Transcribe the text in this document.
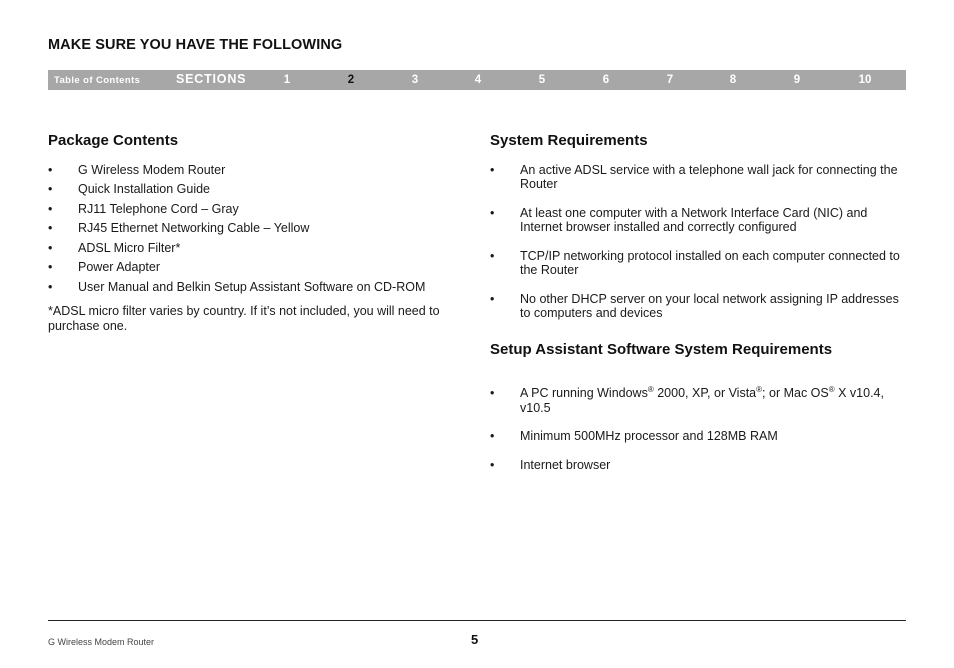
MAKE SURE YOU HAVE THE FOLLOWING
Table of Contents	SECTIONS	1	2	3	4	5	6	7	8	9	10
Package Contents
• G Wireless Modem Router
• Quick Installation Guide
• RJ11 Telephone Cord – Gray
• RJ45 Ethernet Networking Cable – Yellow
• ADSL Micro Filter*
• Power Adapter
• User Manual and Belkin Setup Assistant Software on CD-ROM
*ADSL micro filter varies by country. If it’s not included, you will need to purchase one.
System Requirements
• An active ADSL service with a telephone wall jack for connecting the Router
• At least one computer with a Network Interface Card (NIC) and Internet browser installed and correctly configured
• TCP/IP networking protocol installed on each computer connected to the Router
• No other DHCP server on your local network assigning IP addresses to computers and devices
Setup Assistant Software System Requirements
• A PC running Windows® 2000, XP, or Vista®; or Mac OS® X v10.4, v10.5
• Minimum 500MHz processor and 128MB RAM
• Internet browser
G Wireless Modem Router	5
